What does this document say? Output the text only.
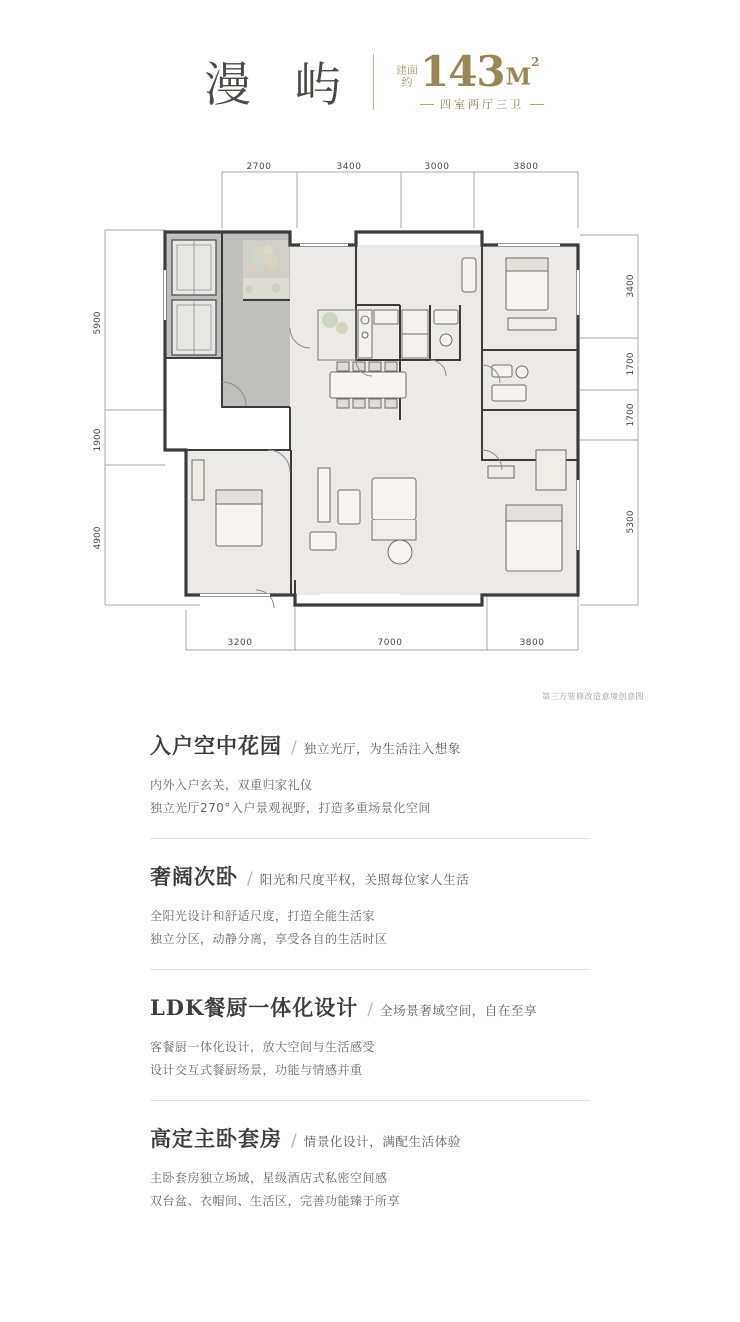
漫 屿	建面
约 143 $M^2$
四室两厅三卫
2700	3400	3000	3800
3200	7000	3800
5900
1900
4900
3400
1700
1700
5300
第三方装修改造意境创意图
入户空中花园 / 独立光厅，为生活注入想象
内外入户玄关，双重归家礼仪
独立光厅270°入户景观视野，打造多重场景化空间
奢阔次卧 / 阳光和尺度平权，关照每位家人生活
全阳光设计和舒适尺度，打造全能生活家
独立分区，动静分离，享受各自的生活时区
LDK餐厨一体化设计 / 全场景奢域空间，自在至享
客餐厨一体化设计，放大空间与生活感受
设计交互式餐厨场景，功能与情感并重
高定主卧套房 / 情景化设计，满配生活体验
主卧套房独立场域，星级酒店式私密空间感
双台盆、衣帽间、生活区，完善功能臻于所享
